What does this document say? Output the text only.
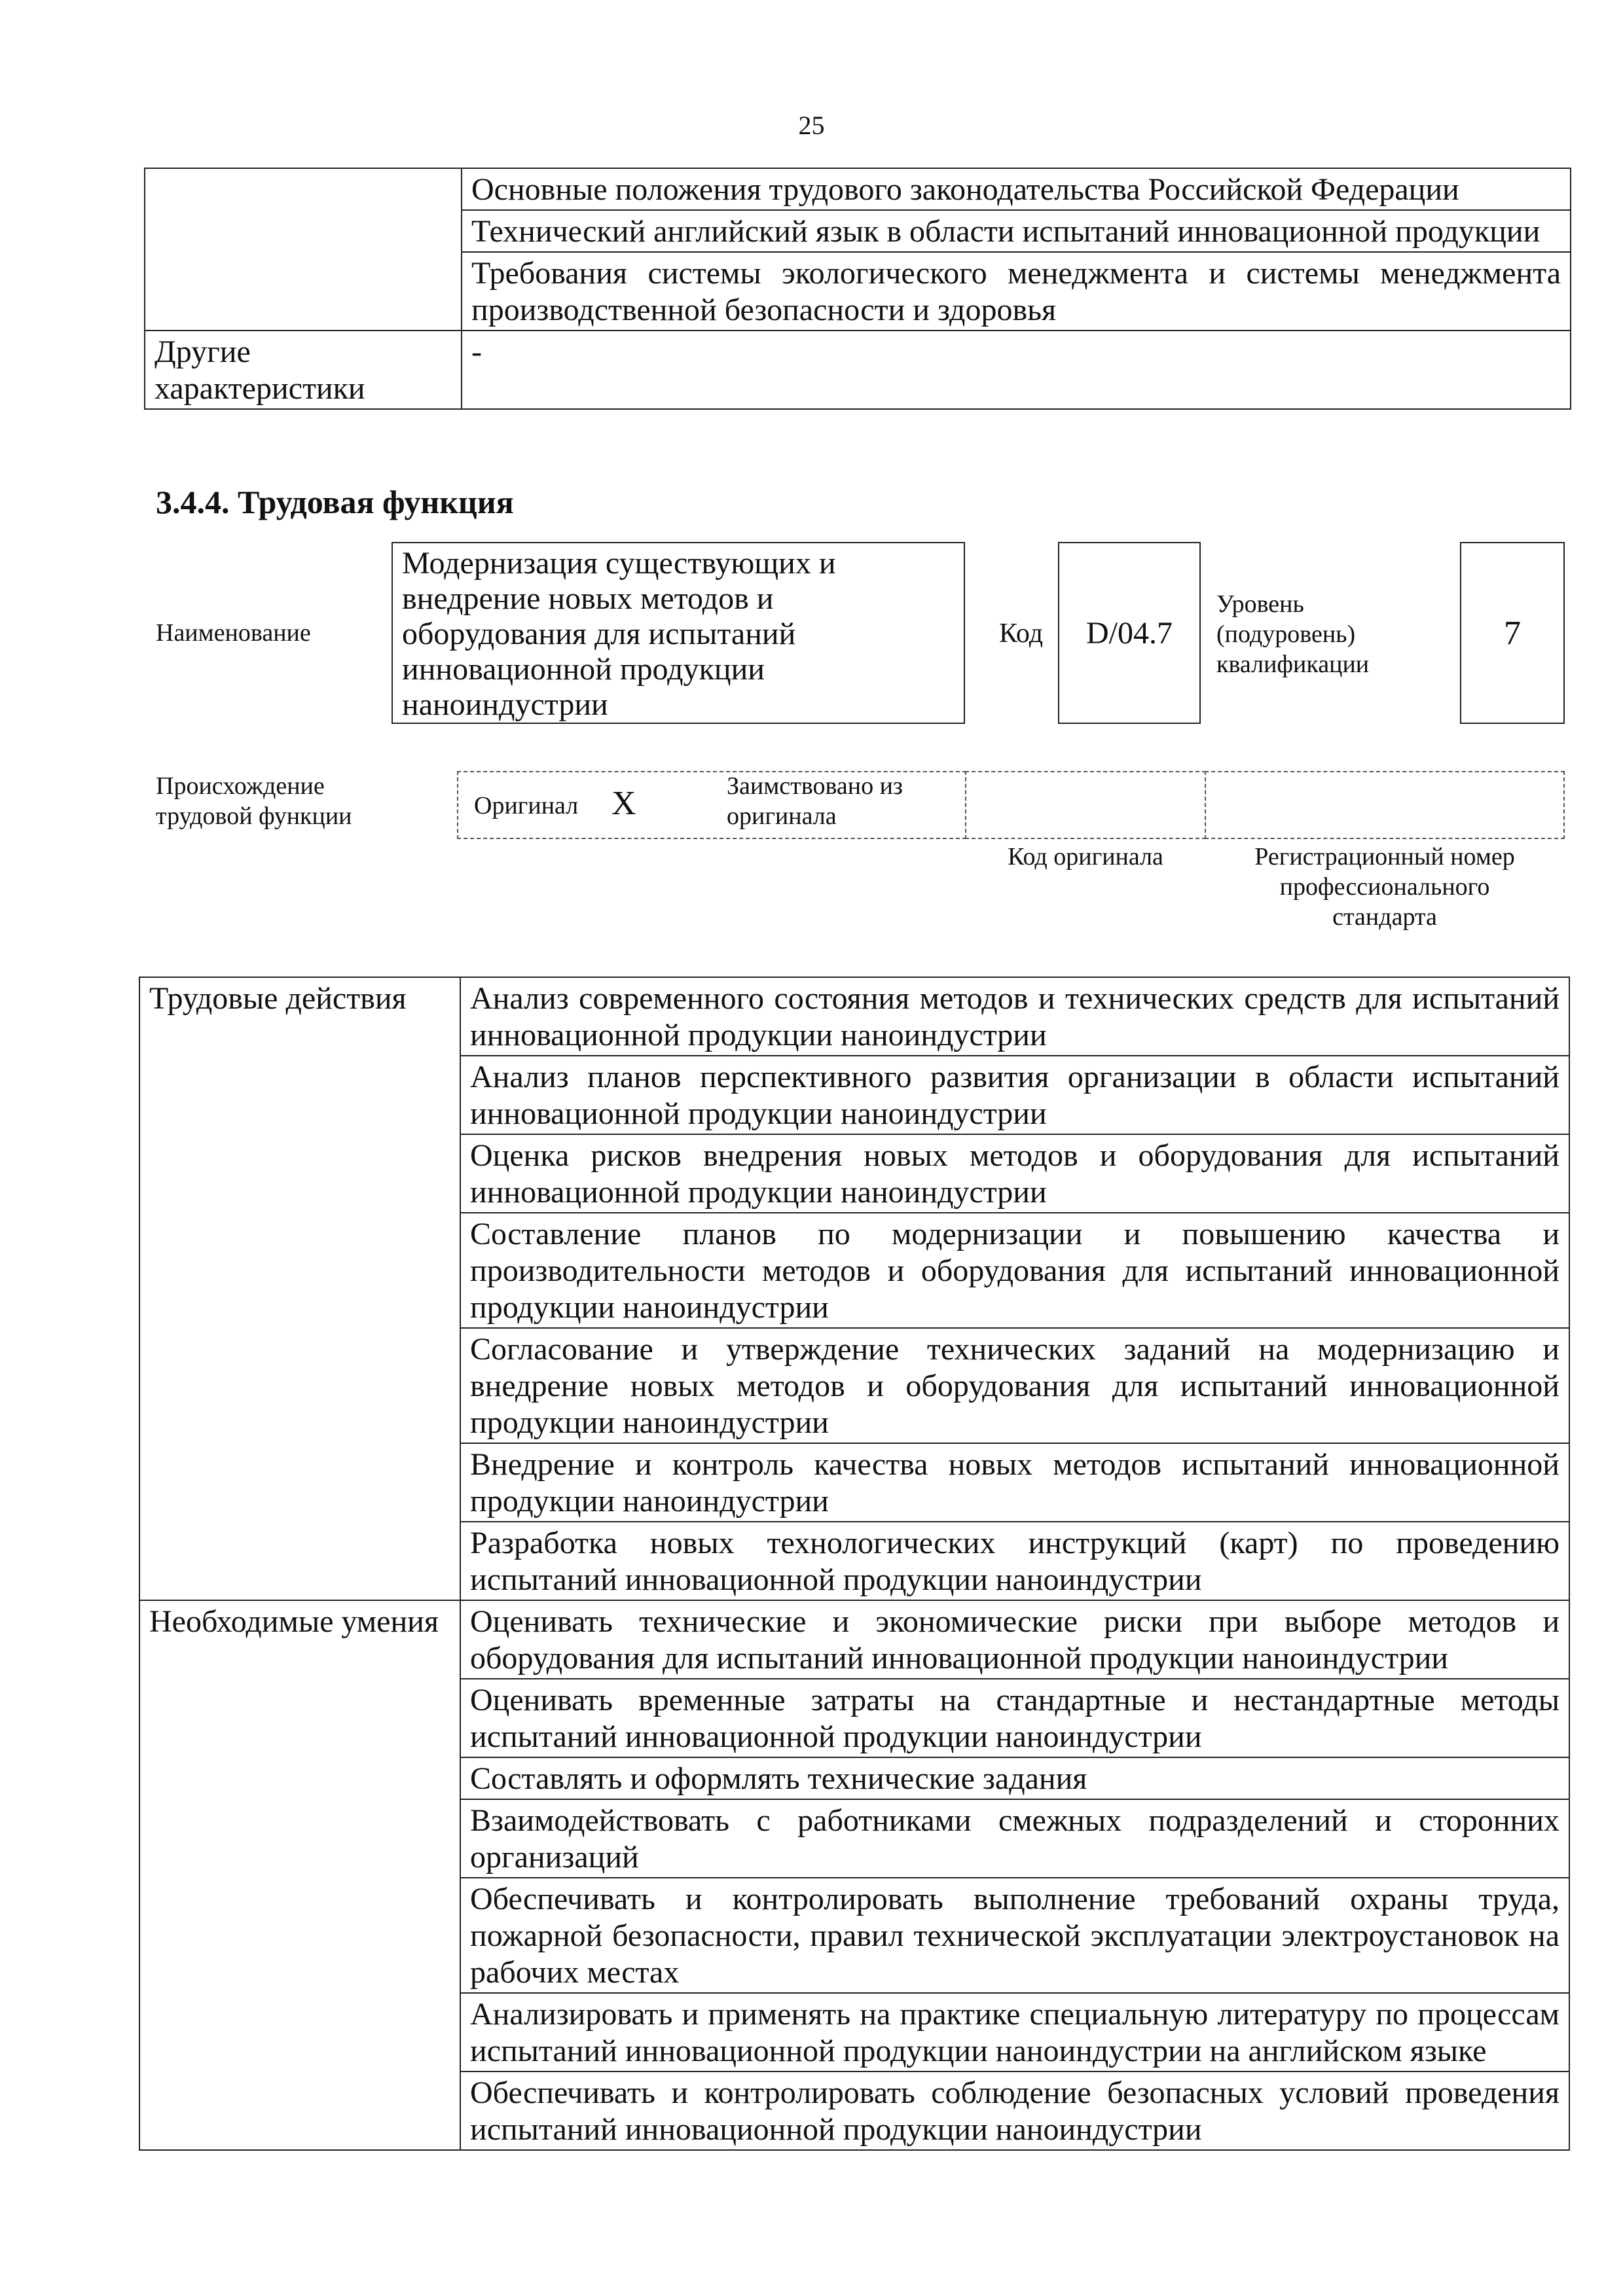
25
	Основные положения трудового законодательства Российской Федерации
	Технический английский язык в области испытаний инновационной продукции
	Требования системы экологического менеджмента и системы менеджмента производственной безопасности и здоровья
Другие характеристики	-
3.4.4. Трудовая функция
Наименование
Модернизация существующих и внедрение новых методов и оборудования для испытаний инновационной продукции наноиндустрии
Код D/04.7
Уровень (подуровень) квалификации
7
Происхождение трудовой функции	Оригинал X	Заимствовано из оригинала
Код оригинала	Регистрационный номер профессионального стандарта
Трудовые действия	Анализ современного состояния методов и технических средств для испытаний инновационной продукции наноиндустрии
	Анализ планов перспективного развития организации в области испытаний инновационной продукции наноиндустрии
	Оценка рисков внедрения новых методов и оборудования для испытаний инновационной продукции наноиндустрии
	Составление планов по модернизации и повышению качества и производительности методов и оборудования для испытаний инновационной продукции наноиндустрии
	Согласование и утверждение технических заданий на модернизацию и внедрение новых методов и оборудования для испытаний инновационной продукции наноиндустрии
	Внедрение и контроль качества новых методов испытаний инновационной продукции наноиндустрии
	Разработка новых технологических инструкций (карт) по проведению испытаний инновационной продукции наноиндустрии
Необходимые умения	Оценивать технические и экономические риски при выборе методов и оборудования для испытаний инновационной продукции наноиндустрии
	Оценивать временные затраты на стандартные и нестандартные методы испытаний инновационной продукции наноиндустрии
	Составлять и оформлять технические задания
	Взаимодействовать с работниками смежных подразделений и сторонних организаций
	Обеспечивать и контролировать выполнение требований охраны труда, пожарной безопасности, правил технической эксплуатации электроустановок на рабочих местах
	Анализировать и применять на практике специальную литературу по процессам испытаний инновационной продукции наноиндустрии на английском языке
	Обеспечивать и контролировать соблюдение безопасных условий проведения испытаний инновационной продукции наноиндустрии
